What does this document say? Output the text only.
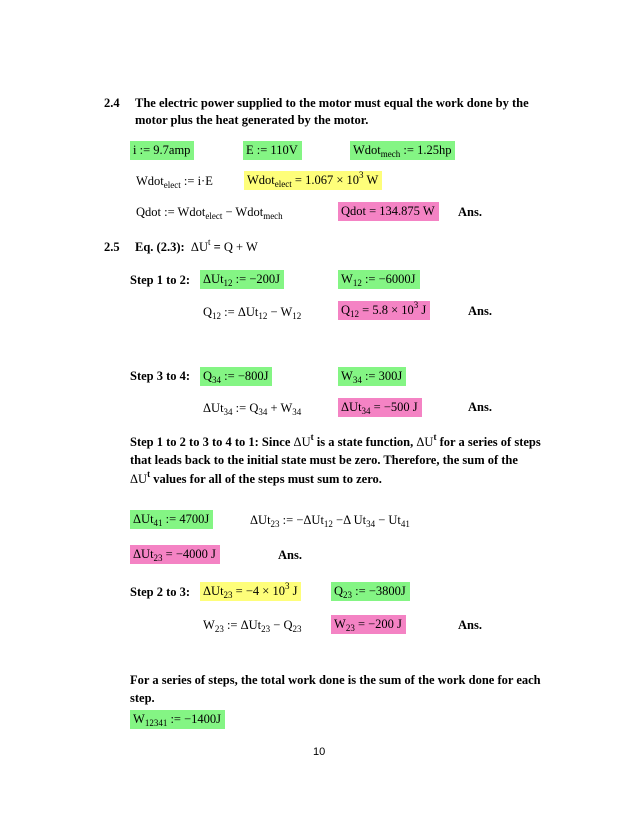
2.4 The electric power supplied to the motor must equal the work done by the
motor plus the heat generated by the motor.
i := 9.7amp	E := 110V	Wdot$_{mech}$ := 1.25hp
Wdot$_{elect}$ := i·E	Wdot$_{elect}$ = $1.067 \times 10^3$ W
Qdot := Wdot$_{elect}$ − Wdot$_{mech}$	Qdot = 134.875 W	Ans.
2.5 Eq. (2.3): $\Delta U^t = Q + W$
Step 1 to 2: ΔUt$_{12}$ := −200J	$W_{12}$ := −6000J
$Q_{12}$ := $\Delta Ut_{12} - W_{12}$	$Q_{12} = 5.8 \times 10^3$ J	Ans.
Step 3 to 4: $Q_{34}$ := −800J	$W_{34}$ := 300J
ΔUt$_{34}$ := $Q_{34} + W_{34}$	ΔUt$_{34}$ = −500 J	Ans.
Step 1 to 2 to 3 to 4 to 1: Since $\Delta U^t$ is a state function, $\Delta U^t$ for a series of steps
that leads back to the initial state must be zero. Therefore, the sum of the
$\Delta U^t$ values for all of the steps must sum to zero.
ΔUt$_{41}$ := 4700J	ΔUt$_{23}$ := −ΔUt$_{12}$ −Δ $Ut_{34} - Ut_{41}$
ΔUt$_{23}$ = −4000 J	Ans.
Step 2 to 3: $\Delta Ut_{23} = -4 \times 10^3$ J	$Q_{23}$ := −3800J
$W_{23}$ := $\Delta Ut_{23} - Q_{23}$	$W_{23} = -200$ J	Ans.
For a series of steps, the total work done is the sum of the work done for each
step.
$W_{12341}$ := −1400J
10
